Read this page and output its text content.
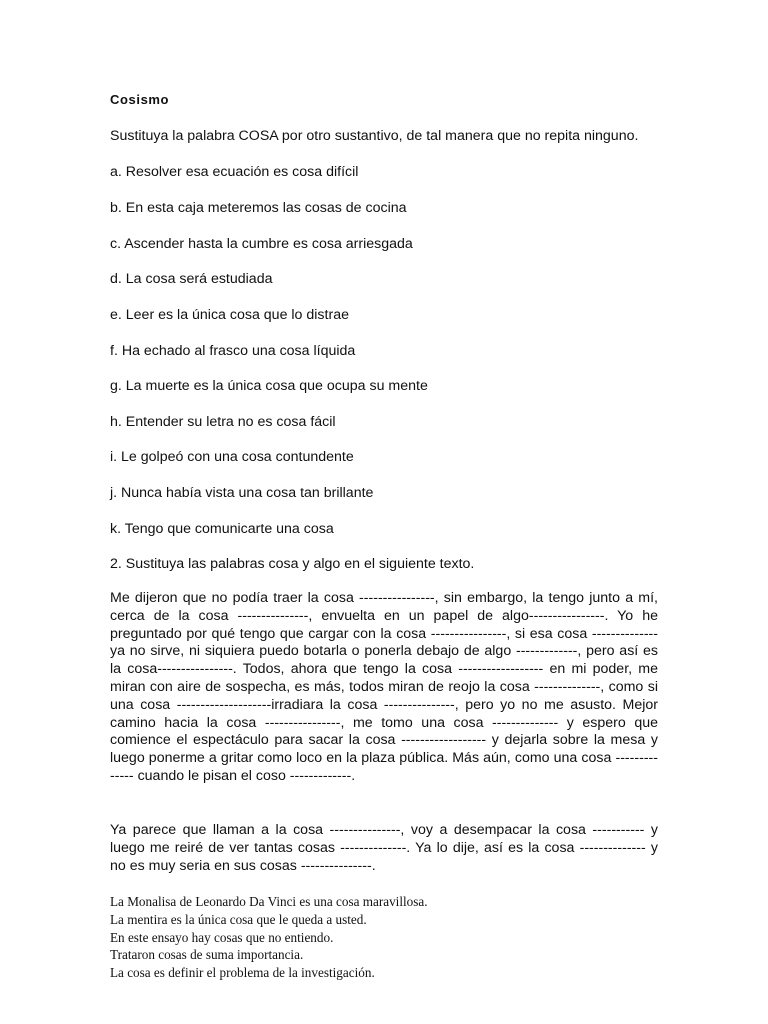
Cosismo

Sustituya la palabra COSA por otro sustantivo, de tal manera que no repita ninguno.

a. Resolver esa ecuación es cosa difícil

b. En esta caja meteremos las cosas de cocina

c. Ascender hasta la cumbre es cosa arriesgada

d. La cosa será estudiada

e. Leer es la única cosa que lo distrae

f. Ha echado al frasco una cosa líquida

g. La muerte es la única cosa que ocupa su mente

h. Entender su letra no es cosa fácil

i. Le golpeó con una cosa contundente

j. Nunca había vista una cosa tan brillante

k. Tengo que comunicarte una cosa

2. Sustituya las palabras cosa y algo en el siguiente texto.

Me dijeron que no podía traer la cosa ----------------, sin embargo, la tengo junto a mí, cerca de la cosa ---------------, envuelta en un papel de algo----------------. Yo he preguntado por qué tengo que cargar con la cosa ----------------, si esa cosa -------------- ya no sirve, ni siquiera puedo botarla o ponerla debajo de algo -------------, pero así es la cosa----------------. Todos, ahora que tengo la cosa ------------------ en mi poder, me miran con aire de sospecha, es más, todos miran de reojo la cosa --------------, como si una cosa --------------------irradiara la cosa ---------------, pero yo no me asusto. Mejor camino hacia la cosa ----------------, me tomo una cosa -------------- y espero que comience el espectáculo para sacar la cosa ------------------ y dejarla sobre la mesa y luego ponerme a gritar como loco en la plaza pública. Más aún, como una cosa -------------- cuando le pisan el coso -------------.

Ya parece que llaman a la cosa ---------------, voy a desempacar la cosa ----------- y luego me reiré de ver tantas cosas --------------. Ya lo dije, así es la cosa -------------- y no es muy seria en sus cosas ---------------.

La Monalisa de Leonardo Da Vinci es una cosa maravillosa.
La mentira es la única cosa que le queda a usted.
En este ensayo hay cosas que no entiendo.
Trataron cosas de suma importancia.
La cosa es definir el problema de la investigación.
